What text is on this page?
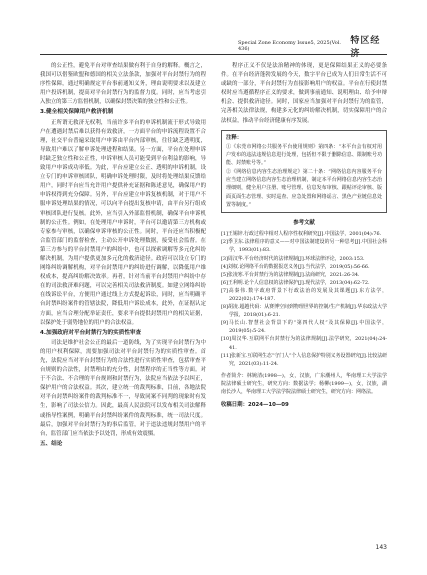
Special Zone Economy Issue5, 2025(Vol. 436)
特区经济

的公正性，避免平台对审查结果做有利于自身的解释。概言之，我国可以借鉴欧盟和德国的相关立法条款，加强对平台封禁行为的程序性保障，通过明确规定平台事前通知义务，理由说明要求以及建立用户投诉机制，提高对平台封禁行为的监督力度。同时，应当考虑引入独立的第三方监督机制，以确保封禁决策的独立性和公正性。

3.健全相关保障用户救济机制

正所谓无救济无权利，当前许多平台的申诉机制流于形式导致用户在遭遇封禁后难以获得有效救济，一方面平台的申诉流程设置不合理，社交平台普遍采取用户申诉由平台内部审核，往往缺乏透明度，导致用户难以了解申诉处理进程和结果。另一方面，平台在处理申诉时缺乏独立性和公正性，申诉审核人员可能受到平台利益的影响，导致用户申诉成功率低。为此，平台应建立公正、透明的申诉机制，设立专门的申诉审核团队，明确申诉处理时限，及时将处理结果反馈给用户，同时平台应当允许用户提供补充证据和陈述意见，确保用户的申诉权得到充分保障。另外，平台应建立申诉复核机制，对于用户不服申诉处理结果的情况，可以向平台提出复核申请，由平台另行组成审核团队进行复核。此外，应当引入外部监督机制，确保平台申诉机制的公正性。例如，在处理用户申诉时，平台可以邀请第三方机构或专家参与审核，以确保申诉审核的公正性。同时，平台还应当积极配合监管部门的监督检查，主动公开申诉处理数据，接受社会监督。在第三方参与的平台封禁用户的纠纷中，也可以探索调解等多元化纠纷解决机制，为用户提供更加多元化的救济途径。政府可以设立专门的网络纠纷调解机构，对平台封禁用户的纠纷进行调解，以降低用户维权成本，提高纠纷解决效率。再者，针对当前平台封禁用户纠纷中存在的司法救济难问题，可以完善相关司法救济制度。如建立网络纠纷在线诉讼平台，方便用户通过线上方式提起诉讼，同时，应当明确平台封禁纠纷案件的管辖法院，降低用户诉讼成本，此外，在证据认定方面，应当合理分配举证责任，要求平台提供封禁用户的相关证据，以保护处于弱势地位的用户的合法权益。

4.加强政府对平台封禁行为的实质性审查

司法是维护社会公正的最后一道防线，为了实现平台封禁行为中的用户权利保障，需要加强司法对平台封禁行为的实质性审查。首先，法院应当对平台封禁行为的合法性进行实质性审查，包括审查平台规则的合法性，封禁理由的充分性，封禁程序的正当性等方面。对于不合法、不合理的平台规则和封禁行为，法院应当依法予以纠正，保护用户的合法权益。其次，建立统一的裁判标准，目前，各地法院对平台封禁纠纷案件的裁判标准不一，导致同案不同判的现象时有发生，影响了司法公信力。因此，最高人民法院可以发布相关司法解释或指导性案例，明确平台封禁纠纷案件的裁判标准，统一司法尺度。最后，加强对平台封禁行为的事后监管，对于违法违规封禁用户的平台，监管部门应当依法予以处罚，形成有效震慑。

五、结论

程序正义不仅是法治精神的体现，更是保障结果正义的必要条件。在平台经济蓬勃发展的今天，数字平台已成为人们日常生活不可或缺的一部分，平台封禁行为直接影响用户的权益。平台在行使封禁权时应当遵循程序正义的要求，做到事前通知、说明理由、给予申辩机会、提供救济途径。同时，国家应当加强对平台封禁行为的监管，完善相关法律法规，构建多元化的纠纷解决机制，切实保障用户的合法权益，推动平台经济健康有序发展。

注释：

①《东莞市网络公共服务平台使用规则》第四条：“本平台会有权对用户发布的违法违规信息进行处理，包括但不限于删除信息、限制账号功能、封禁账号等。”

②《网络信息内容生态治理规定》第二十条：“网络信息内容服务平台应当建立网络信息内容生态治理机制，制定本平台网络信息内容生态治理细则，健全用户注册、账号管理、信息发布审核、跟帖评论审核、版面页面生态管理、实时巡查、应急处置和网络谣言、黑色产业链信息处置等制度。”

参考文献

[1]王锡锌.行政过程中相对人程序性权利研究[J].中国法学，2001(04):76.

[2]季卫东.法律程序的意义——对中国法制建设的另一种思考[J].中国社会科学，1993(01):83.

[3]周汉华.平台经济时代的法律规制[J].环球法律评论，2003:153.

[4]刘权.论网络平台的数据报送义务[J].当代法学，2019(05):56-66.

[5]张凌寒.平台封禁行为的法律规制[J].法商研究，2021:26-34.

[6]王利明.论个人信息权的法律保护[J].现代法学，2013(04):62-72.

[7]高秦伟.数字政府背景下行政法治的发展及其课题[J].东方法学，2022(02):174-187.

[8]胡凌.超越代码：从赛博空间到物理世界的控制/生产机制[J].华东政法大学学报，2018(01):6-21.

[9]马长山.智慧社会背景下的“第四代人权”及其保障[J].中国法学，2019(05):5-24.

[10]周汉华.互联网平台封禁行为的法律规制[J].法学研究，2021(04):24-41.

[11]张新宝.互联网生态“守门人”个人信息保护特别义务设置研究[J].比较法研究，2021(03):11-24.

作者简介：林婉清(1998—)，女，汉族，广东潮州人，华南理工大学法学院法律硕士研究生，研究方向：数据法学；杨柳(1999—)，女，汉族，湖南长沙人，华南理工大学法学院法律硕士研究生，研究方向：网络法。

收稿日期：2024—10—09
143
